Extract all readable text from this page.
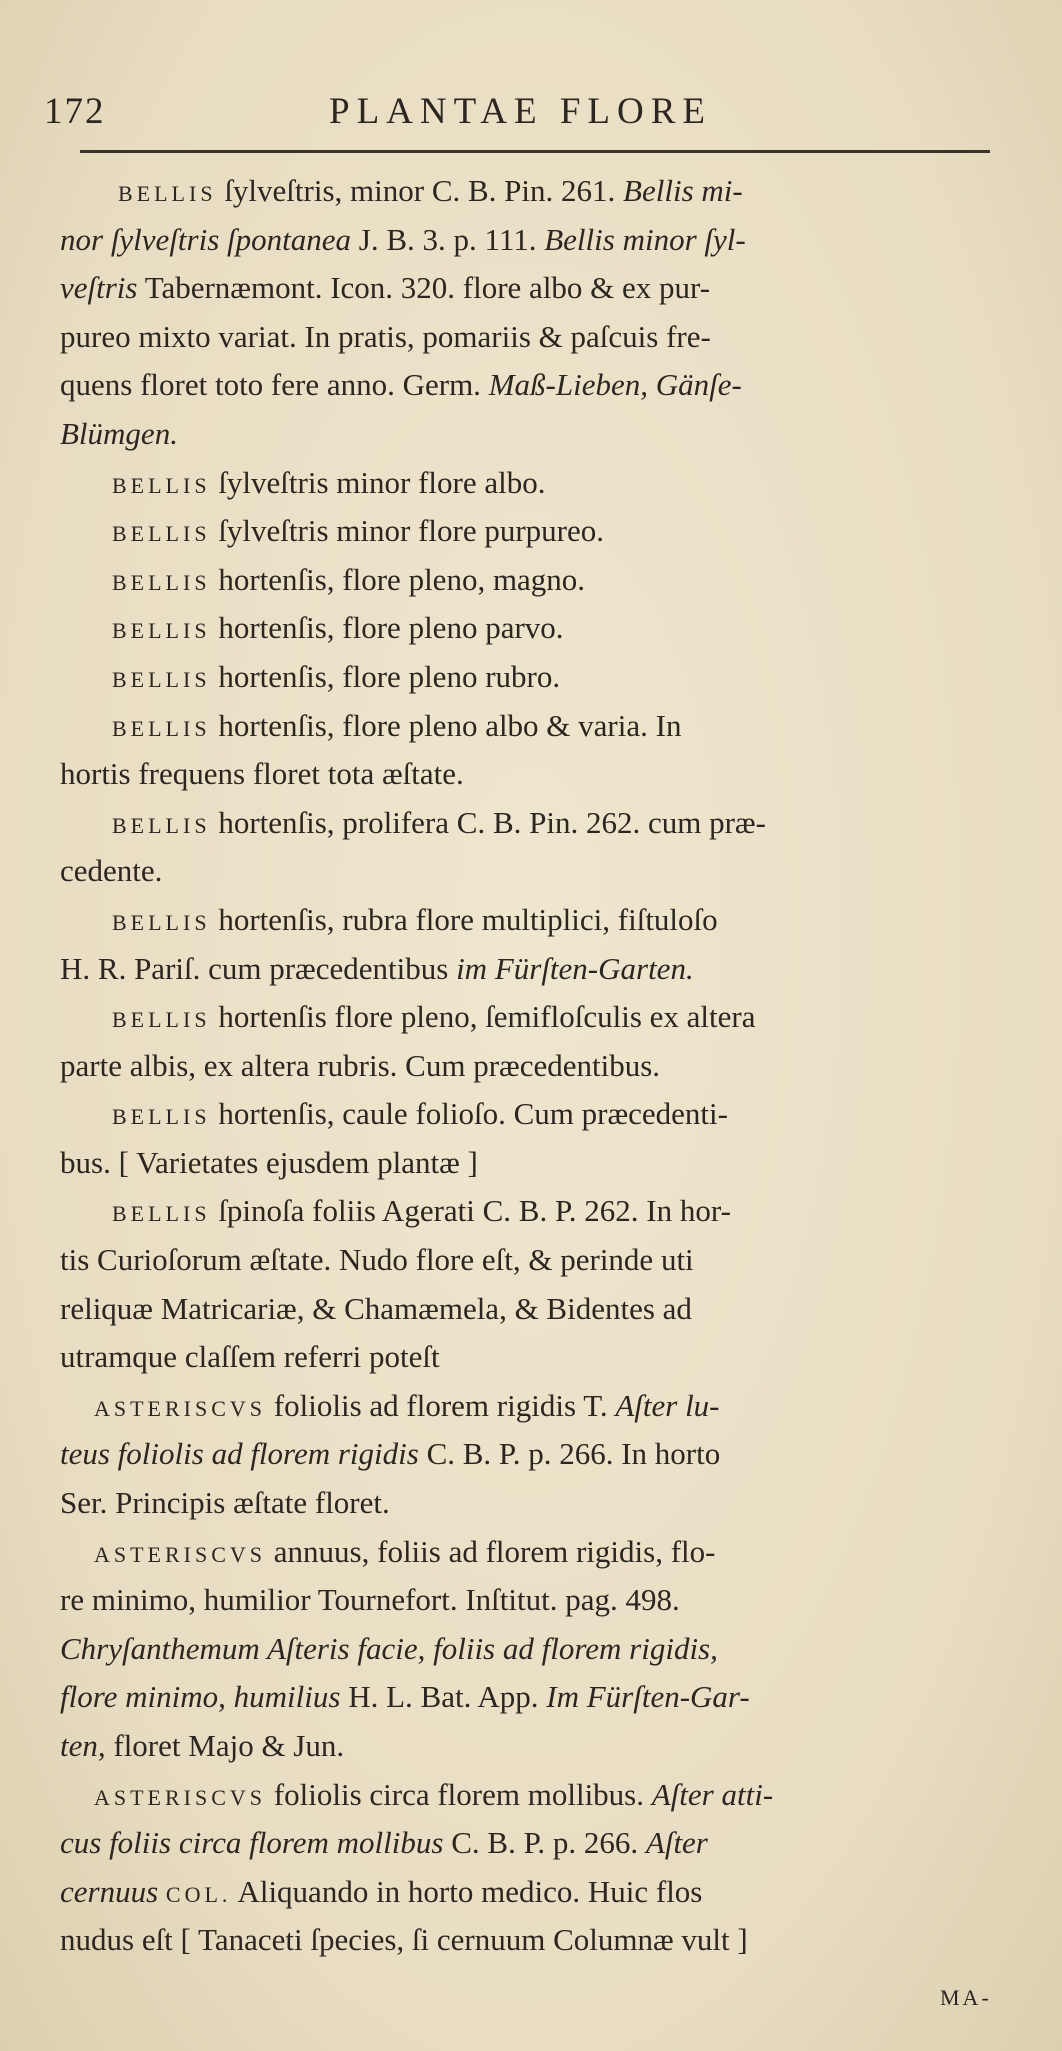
172	PLANTAE FLORE
BELLIS ſylveſtris, minor C. B. Pin. 261. Bellis mi-
nor ſylveſtris ſpontanea J. B. 3. p. 111. Bellis minor ſyl-
veſtris Tabernæmont. Icon. 320. flore albo & ex pur-
pureo mixto variat. In pratis, pomariis & paſcuis fre-
quens floret toto fere anno. Germ. Maß-Lieben, Gänſe-
Blümgen.
BELLIS ſylveſtris minor flore albo.
BELLIS ſylveſtris minor flore purpureo.
BELLIS hortenſis, flore pleno, magno.
BELLIS hortenſis, flore pleno parvo.
BELLIS hortenſis, flore pleno rubro.
BELLIS hortenſis, flore pleno albo & varia. In
hortis frequens floret tota æſtate.
BELLIS hortenſis, prolifera C. B. Pin. 262. cum præ-
cedente.
BELLIS hortenſis, rubra flore multiplici, fiſtuloſo
H. R. Pariſ. cum præcedentibus im Fürſten-Garten.
BELLIS hortenſis flore pleno, ſemifloſculis ex altera
parte albis, ex altera rubris. Cum præcedentibus.
BELLIS hortenſis, caule folioſo. Cum præcedenti-
bus. [ Varietates ejusdem plantæ ]
BELLIS ſpinoſa foliis Agerati C. B. P. 262. In hor-
tis Curioſorum æſtate. Nudo flore eſt, & perinde uti
reliquæ Matricariæ, & Chamæmela, & Bidentes ad
utramque claſſem referri poteſt
ASTERISCVS foliolis ad florem rigidis T. Aſter lu-
teus foliolis ad florem rigidis C. B. P. p. 266. In horto
Ser. Principis æſtate floret.
ASTERISCVS annuus, foliis ad florem rigidis, flo-
re minimo, humilior Tournefort. Inſtitut. pag. 498.
Chryſanthemum Aſteris facie, foliis ad florem rigidis,
flore minimo, humilius H. L. Bat. App. Im Fürſten-Gar-
ten, floret Majo & Jun.
ASTERISCVS foliolis circa florem mollibus. Aſter atti-
cus foliis circa florem mollibus C. B. P. p. 266. Aſter
cernuus COL. Aliquando in horto medico. Huic flos
nudus eſt [ Tanaceti ſpecies, ſi cernuum Columnæ vult ]
MA-
